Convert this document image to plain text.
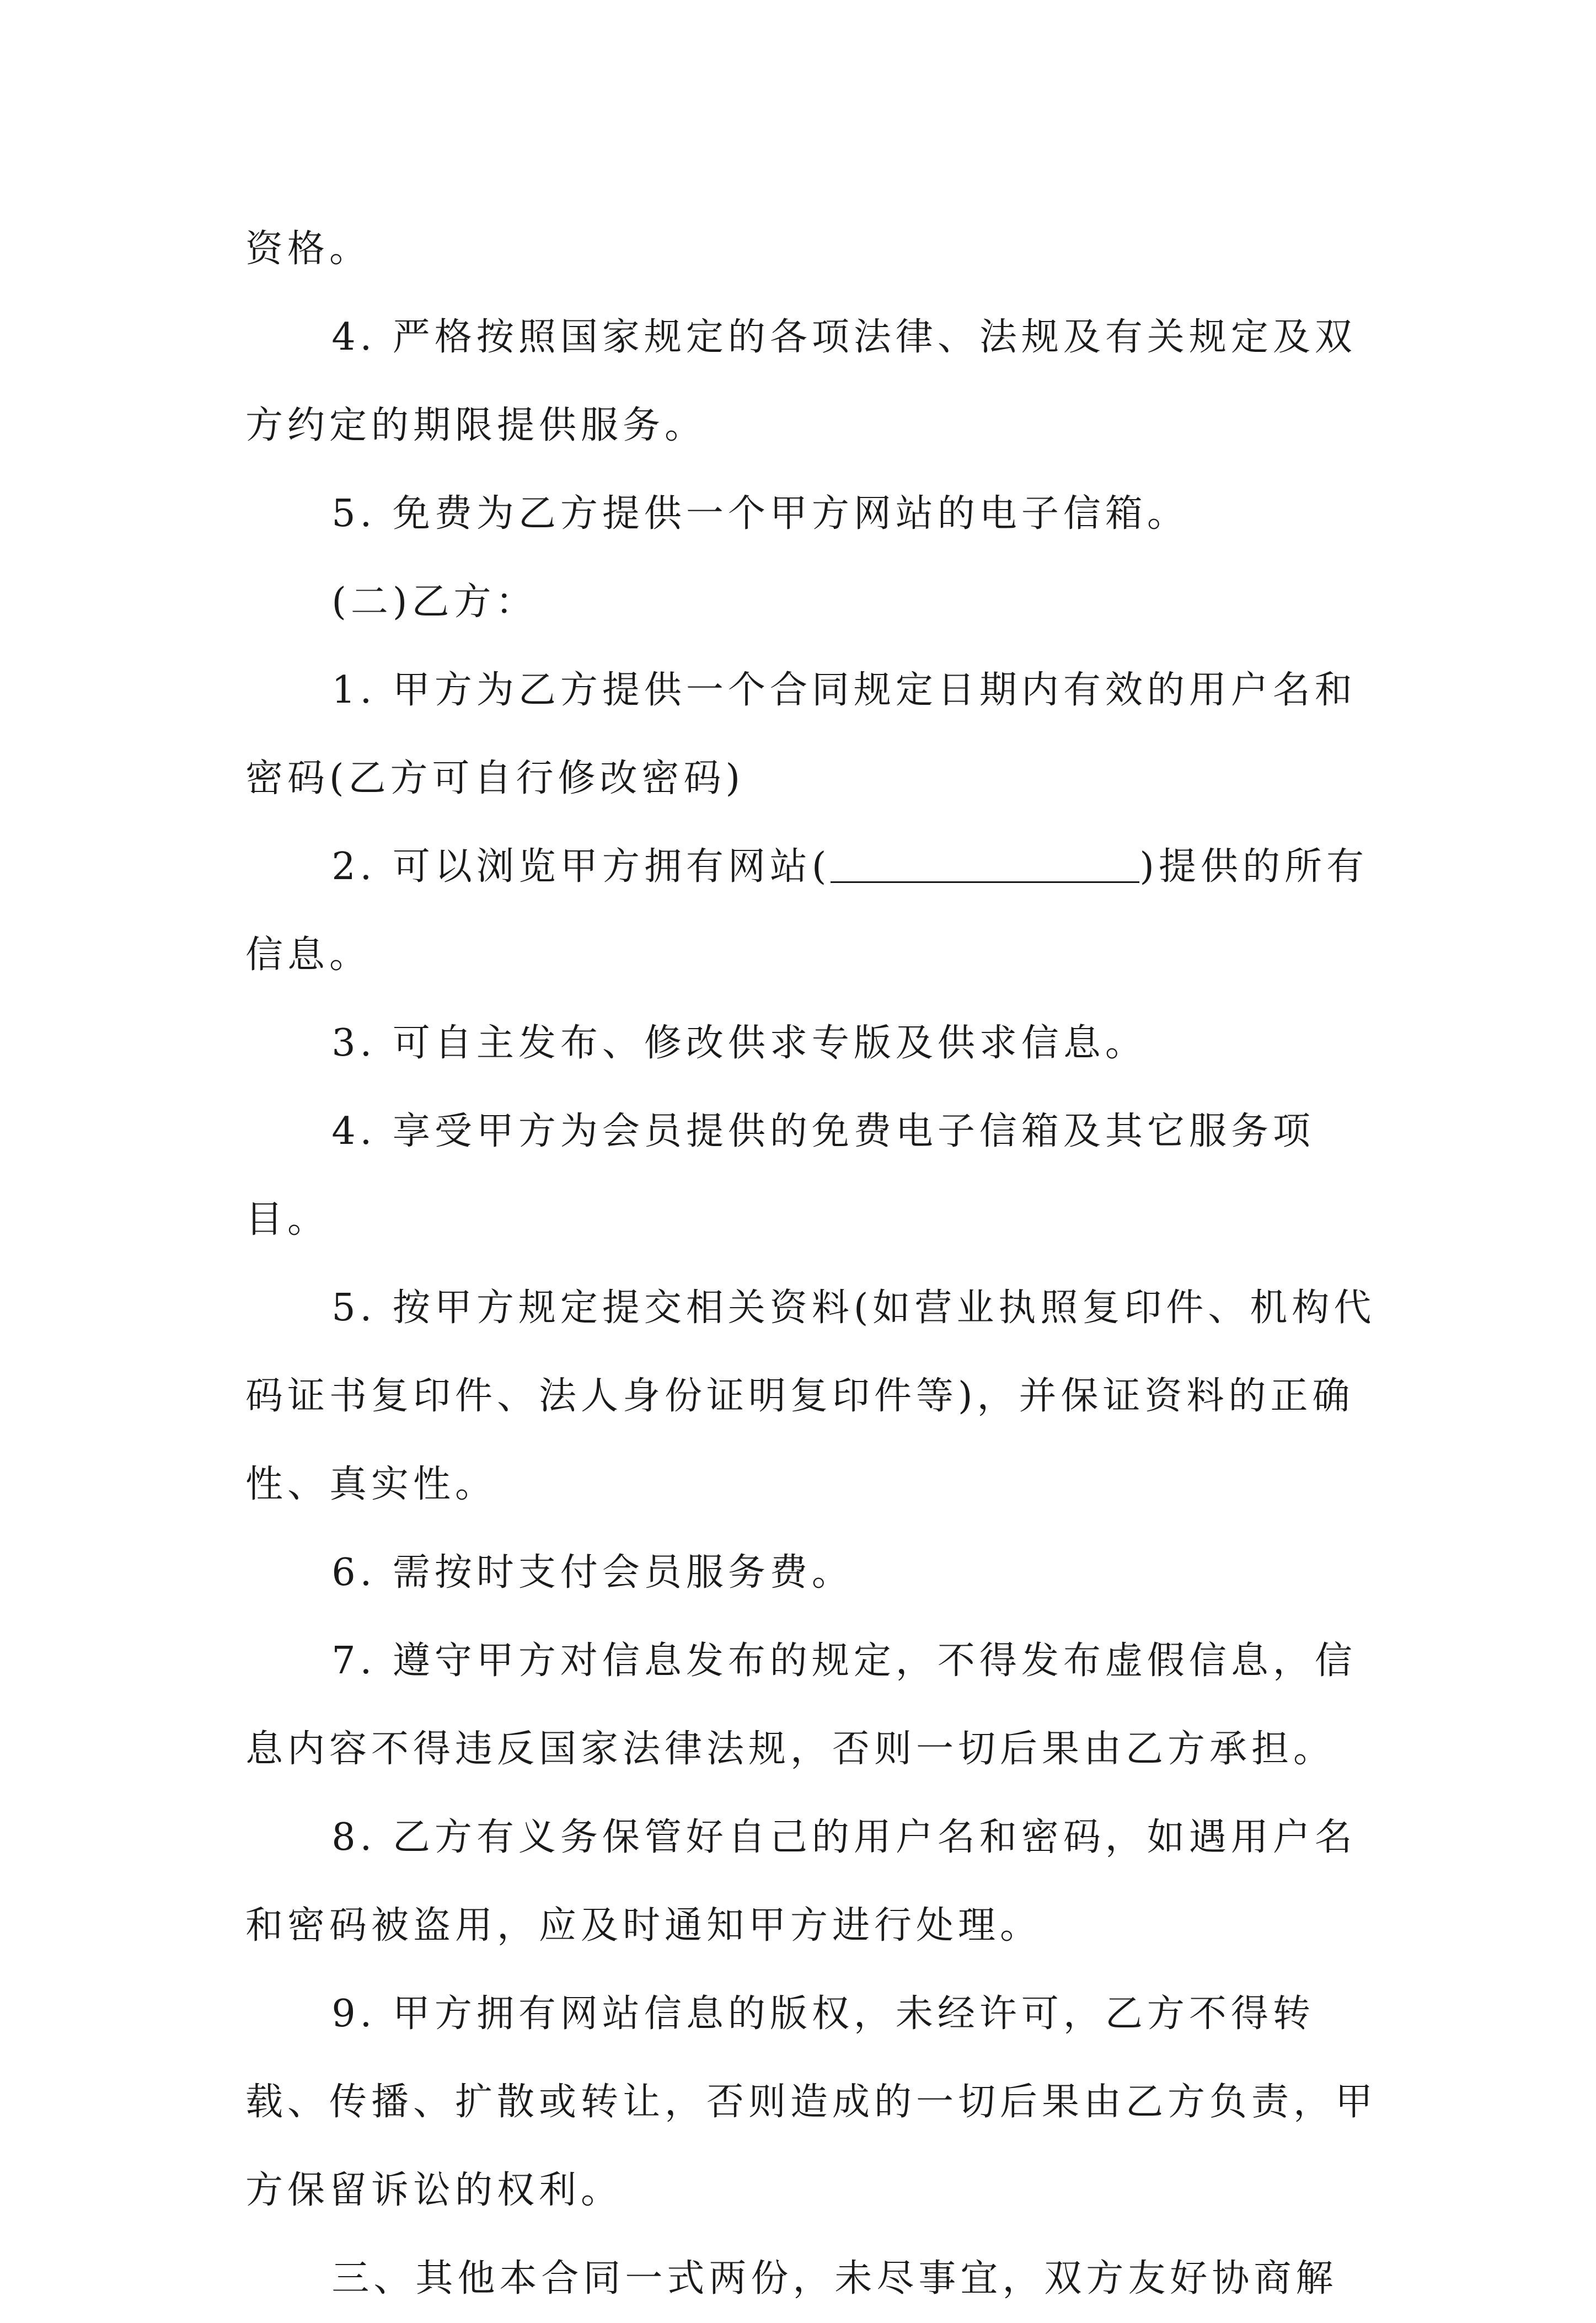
资格。

4. 严格按照国家规定的各项法律、法规及有关规定及双方约定的期限提供服务。

5. 免费为乙方提供一个甲方网站的电子信箱。

(二)乙方：

1. 甲方为乙方提供一个合同规定日期内有效的用户名和密码(乙方可自行修改密码)

2. 可以浏览甲方拥有网站(	)提供的所有信息。

3. 可自主发布、修改供求专版及供求信息。

4. 享受甲方为会员提供的免费电子信箱及其它服务项目。

5. 按甲方规定提交相关资料(如营业执照复印件、机构代码证书复印件、法人身份证明复印件等)，并保证资料的正确性、真实性。

6. 需按时支付会员服务费。

7. 遵守甲方对信息发布的规定，不得发布虚假信息，信息内容不得违反国家法律法规，否则一切后果由乙方承担。

8. 乙方有义务保管好自己的用户名和密码，如遇用户名和密码被盗用，应及时通知甲方进行处理。

9. 甲方拥有网站信息的版权，未经许可，乙方不得转载、传播、扩散或转让，否则造成的一切后果由乙方负责，甲方保留诉讼的权利。

三、其他本合同一式两份，未尽事宜，双方友好协商解
